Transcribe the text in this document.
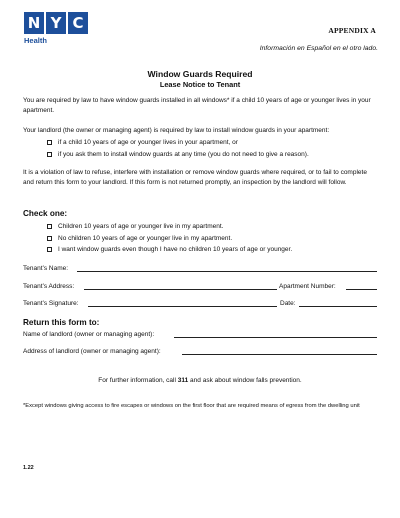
N Y C
Health
APPENDIX A
Información en Español en el otro lado.
Window Guards Required
Lease Notice to Tenant
You are required by law to have window guards installed in all windows* if a child 10 years of age or younger lives in your apartment.
Your landlord (the owner or managing agent) is required by law to install window guards in your apartment:
if a child 10 years of age or younger lives in your apartment, or
if you ask them to install window guards at any time (you do not need to give a reason).
It is a violation of law to refuse, interfere with installation or remove window guards where required, or to fail to complete and return this form to your landlord. If this form is not returned promptly, an inspection by the landlord will follow.
Check one:
Children 10 years of age or younger live in my apartment.
No children 10 years of age or younger live in my apartment.
I want window guards even though I have no children 10 years of age or younger.
Tenant’s Name:
Tenant’s Address:	Apartment Number:
Tenant’s Signature:	Date:
Return this form to:
Name of landlord (owner or managing agent):
Address of landlord (owner or managing agent):
For further information, call 311 and ask about window falls prevention.
*Except windows giving access to fire escapes or windows on the first floor that are required means of egress from the dwelling unit
1.22
